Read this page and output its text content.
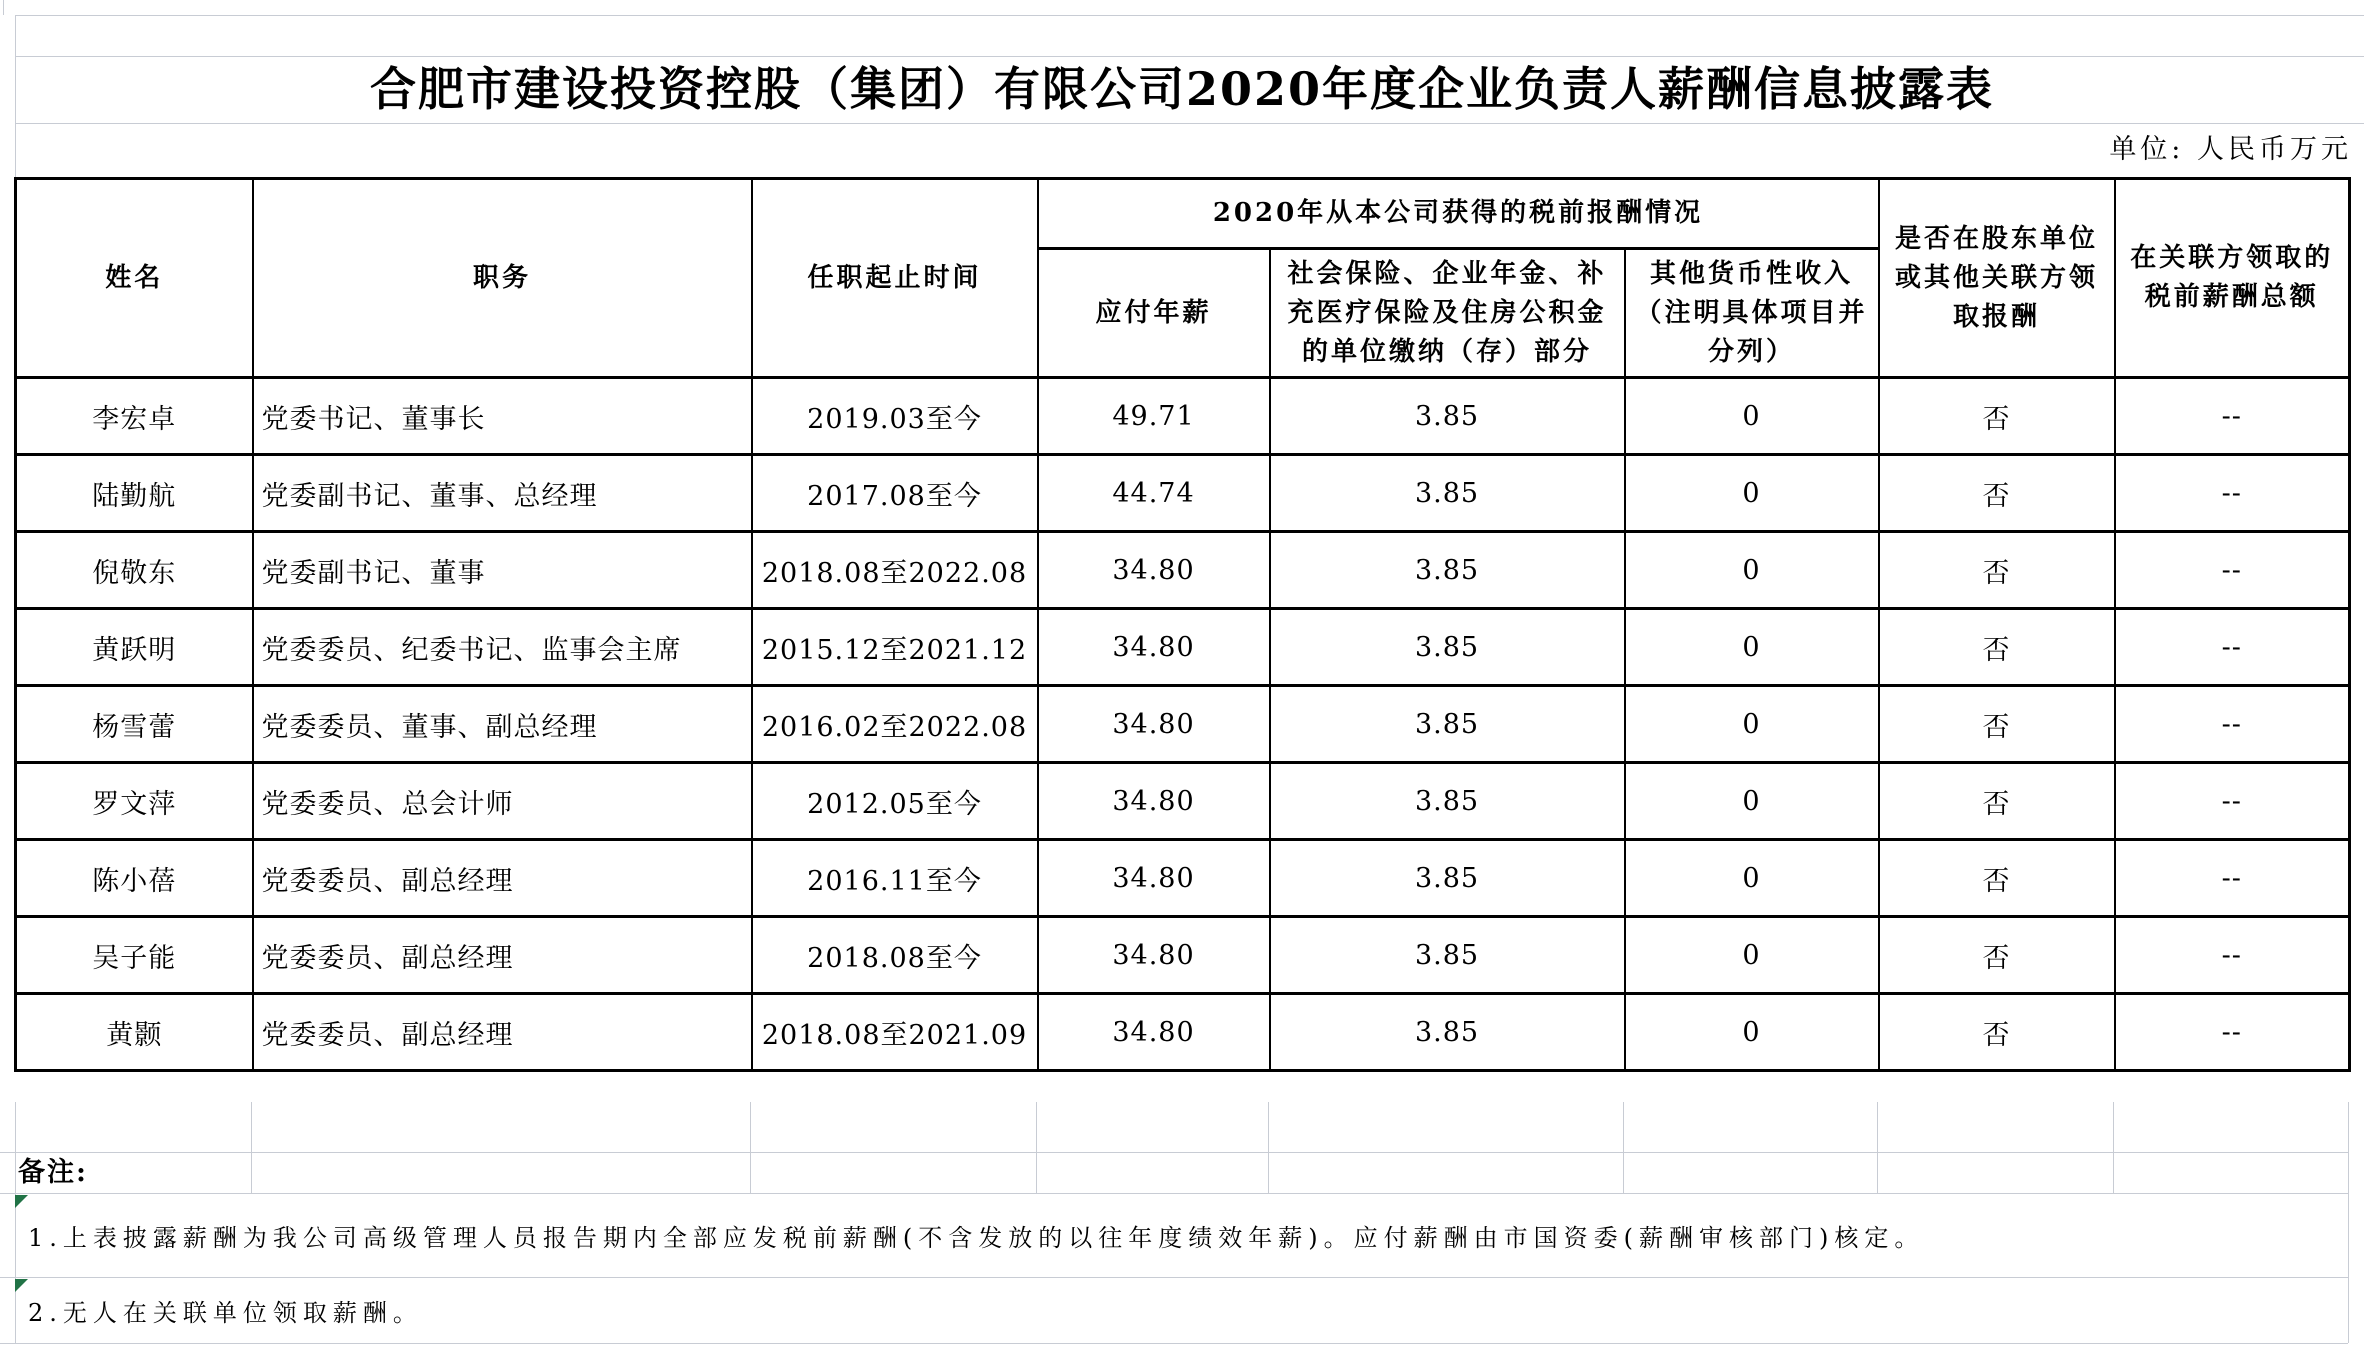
合肥市建设投资控股（集团）有限公司2020年度企业负责人薪酬信息披露表
单位: 人民币万元
姓名	职务	任职起止时间	2020年从本公司获得的税前报酬情况			是否在股东单位或其他关联方领取报酬	在关联方领取的税前薪酬总额
			应付年薪	社会保险、企业年金、补充医疗保险及住房公积金的单位缴纳（存）部分	其他货币性收入（注明具体项目并分列）		
李宏卓	党委书记、董事长	2019.03至今	49.71	3.85	0	否	--
陆勤航	党委副书记、董事、总经理	2017.08至今	44.74	3.85	0	否	--
倪敬东	党委副书记、董事	2018.08至2022.08	34.80	3.85	0	否	--
黄跃明	党委委员、纪委书记、监事会主席	2015.12至2021.12	34.80	3.85	0	否	--
杨雪蕾	党委委员、董事、副总经理	2016.02至2022.08	34.80	3.85	0	否	--
罗文萍	党委委员、总会计师	2012.05至今	34.80	3.85	0	否	--
陈小蓓	党委委员、副总经理	2016.11至今	34.80	3.85	0	否	--
吴子能	党委委员、副总经理	2018.08至今	34.80	3.85	0	否	--
黄颢	党委委员、副总经理	2018.08至2021.09	34.80	3.85	0	否	--
备注:
1.上表披露薪酬为我公司高级管理人员报告期内全部应发税前薪酬(不含发放的以往年度绩效年薪)。应付薪酬由市国资委(薪酬审核部门)核定。
2.无人在关联单位领取薪酬。
